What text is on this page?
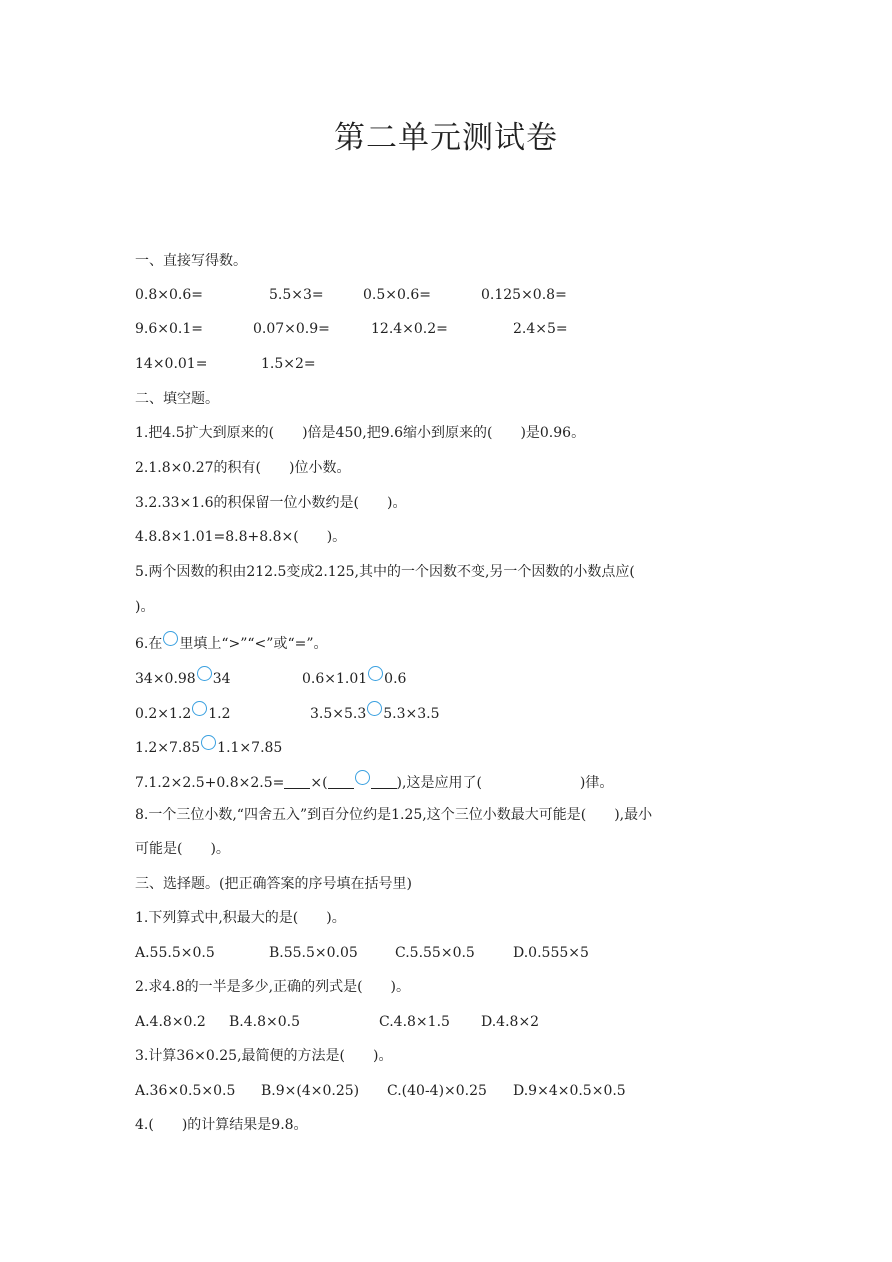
第二单元测试卷
一、直接写得数。
0.8×0.6=	5.5×3=	0.5×0.6=	0.125×0.8=
9.6×0.1=	0.07×0.9=	12.4×0.2=	2.4×5=
14×0.01=	1.5×2=
二、填空题。
1.把4.5扩大到原来的(　　)倍是450,把9.6缩小到原来的(　　)是0.96。
2.1.8×0.27的积有(　　)位小数。
3.2.33×1.6的积保留一位小数约是(　　)。
4.8.8×1.01=8.8+8.8×(　　)。
5.两个因数的积由212.5变成2.125,其中的一个因数不变,另一个因数的小数点应(
)。
6.在 里填上“>”“<”或“=”。
34×0.98 34	0.6×1.01 0.6
0.2×1.2 1.2	3.5×5.3 5.3×3.5
1.2×7.85 1.1×7.85
7.1.2×2.5+0.8×2.5= ×(	),这是应用了(　　　　　　　)律。
8.一个三位小数,“四舍五入”到百分位约是1.25,这个三位小数最大可能是(　　),最小
可能是(　　)。
三、选择题。(把正确答案的序号填在括号里)
1.下列算式中,积最大的是(　　)。
A.55.5×0.5	B.55.5×0.05	C.5.55×0.5	D.0.555×5
2.求4.8的一半是多少,正确的列式是(　　)。
A.4.8×0.2 B.4.8×0.5	C.4.8×1.5 D.4.8×2
3.计算36×0.25,最简便的方法是(　　)。
A.36×0.5×0.5 B.9×(4×0.25) C.(40-4)×0.25 D.9×4×0.5×0.5
4.(　　)的计算结果是9.8。
